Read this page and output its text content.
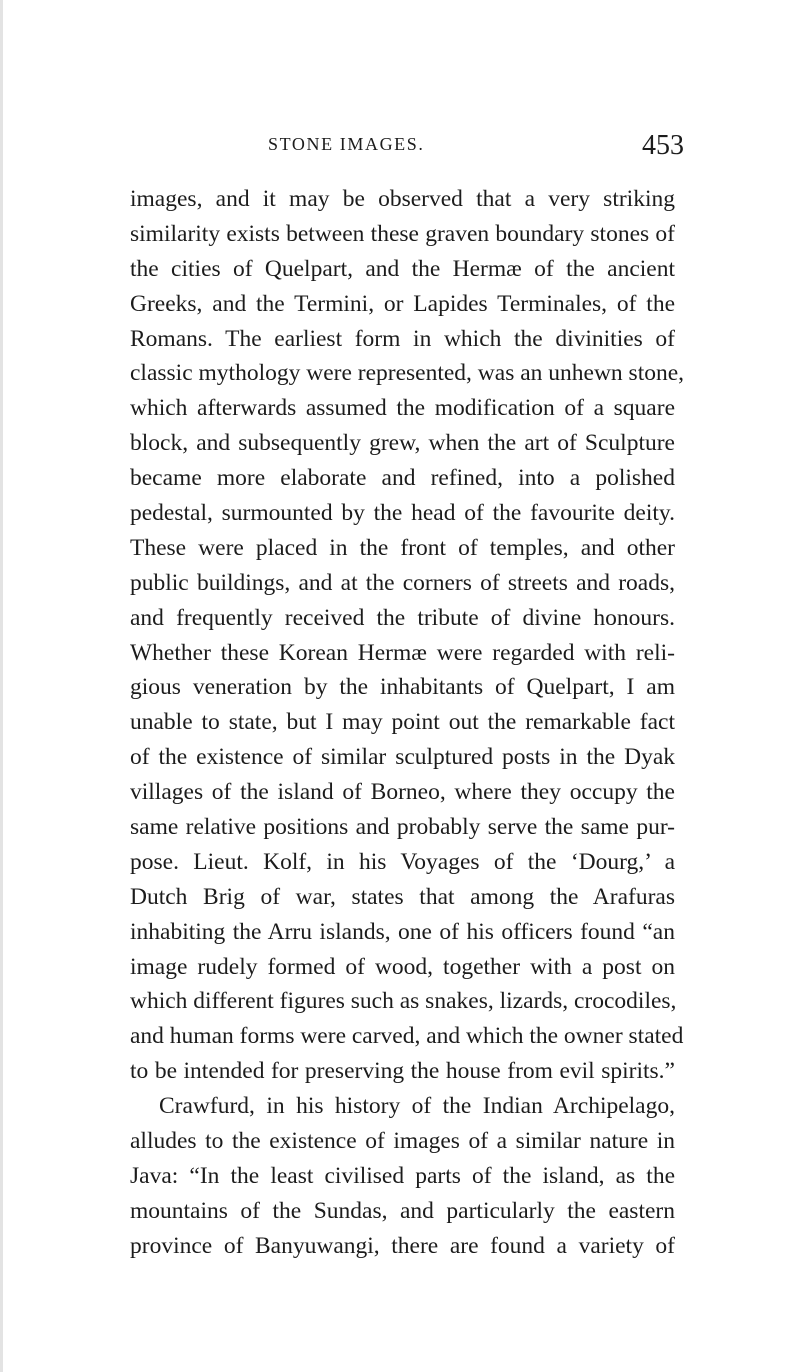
STONE IMAGES.	453
images, and it may be observed that a very striking
similarity exists between these graven boundary stones of
the cities of Quelpart, and the Hermæ of the ancient
Greeks, and the Termini, or Lapides Terminales, of the
Romans. The earliest form in which the divinities of
classic mythology were represented, was an unhewn stone,
which afterwards assumed the modification of a square
block, and subsequently grew, when the art of Sculpture
became more elaborate and refined, into a polished
pedestal, surmounted by the head of the favourite deity.
These were placed in the front of temples, and other
public buildings, and at the corners of streets and roads,
and frequently received the tribute of divine honours.
Whether these Korean Hermæ were regarded with reli-
gious veneration by the inhabitants of Quelpart, I am
unable to state, but I may point out the remarkable fact
of the existence of similar sculptured posts in the Dyak
villages of the island of Borneo, where they occupy the
same relative positions and probably serve the same pur-
pose. Lieut. Kolf, in his Voyages of the ‘Dourg,’ a
Dutch Brig of war, states that among the Arafuras
inhabiting the Arru islands, one of his officers found “an
image rudely formed of wood, together with a post on
which different figures such as snakes, lizards, crocodiles,
and human forms were carved, and which the owner stated
to be intended for preserving the house from evil spirits.”
Crawfurd, in his history of the Indian Archipelago,
alludes to the existence of images of a similar nature in
Java: “In the least civilised parts of the island, as the
mountains of the Sundas, and particularly the eastern
province of Banyuwangi, there are found a variety of
